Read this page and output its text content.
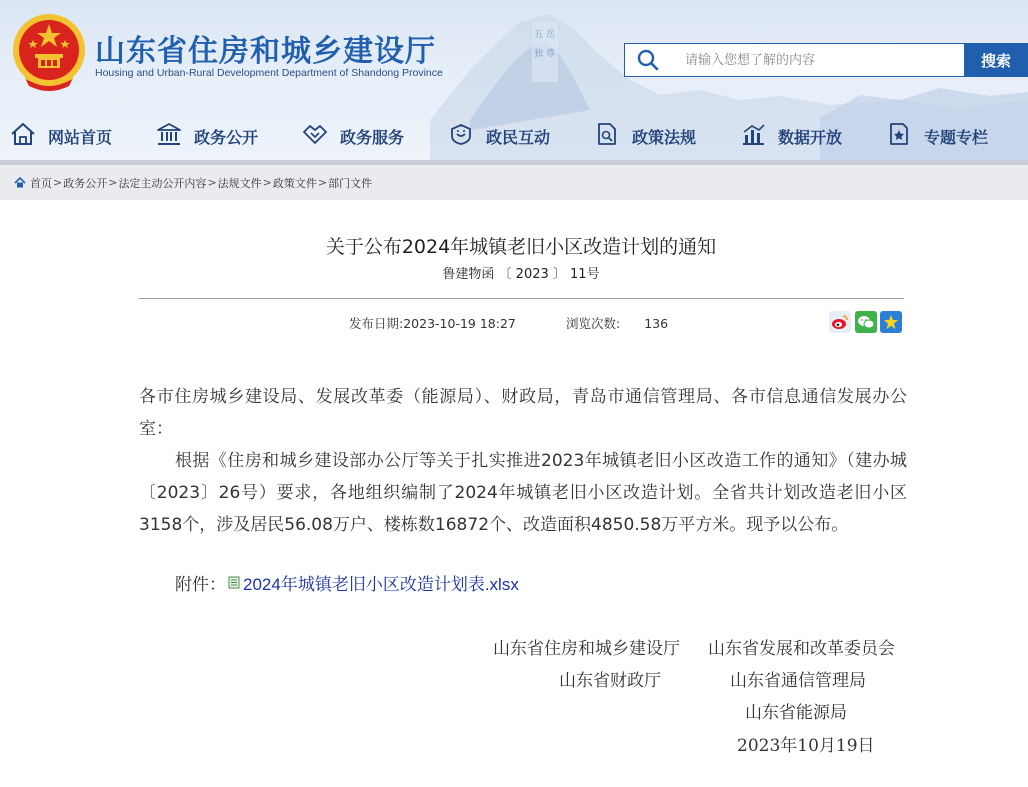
五 岳
独 尊
山东省住房和城乡建设厅
Housing and Urban-Rural Development Department of Shandong Province
请输入您想了解的内容
搜索
网站首页	政务公开	政务服务	政民互动	政策法规	数据开放	专题专栏
首页 > 政务公开 > 法定主动公开内容 > 法规文件 > 政策文件 > 部门文件
关于公布2024年城镇老旧小区改造计划的通知
鲁建物函 〔 2023 〕 11号
发布日期:2023-10-19 18:27	浏览次数: 136

各市住房城乡建设局、发展改革委（能源局）、财政局，青岛市通信管理局、各市信息通信发展办公室：

根据《住房和城乡建设部办公厅等关于扎实推进2023年城镇老旧小区改造工作的通知》（建办城〔2023〕26号）要求，各地组织编制了2024年城镇老旧小区改造计划。全省共计划改造老旧小区3158个，涉及居民56.08万户、楼栋数16872个、改造面积4850.58万平方米。现予以公布。

附件： 2024年城镇老旧小区改造计划表.xlsx
山东省住房和城乡建设厅 山东省发展和改革委员会
山东省财政厅	山东省通信管理局
山东省能源局
2023年10月19日
